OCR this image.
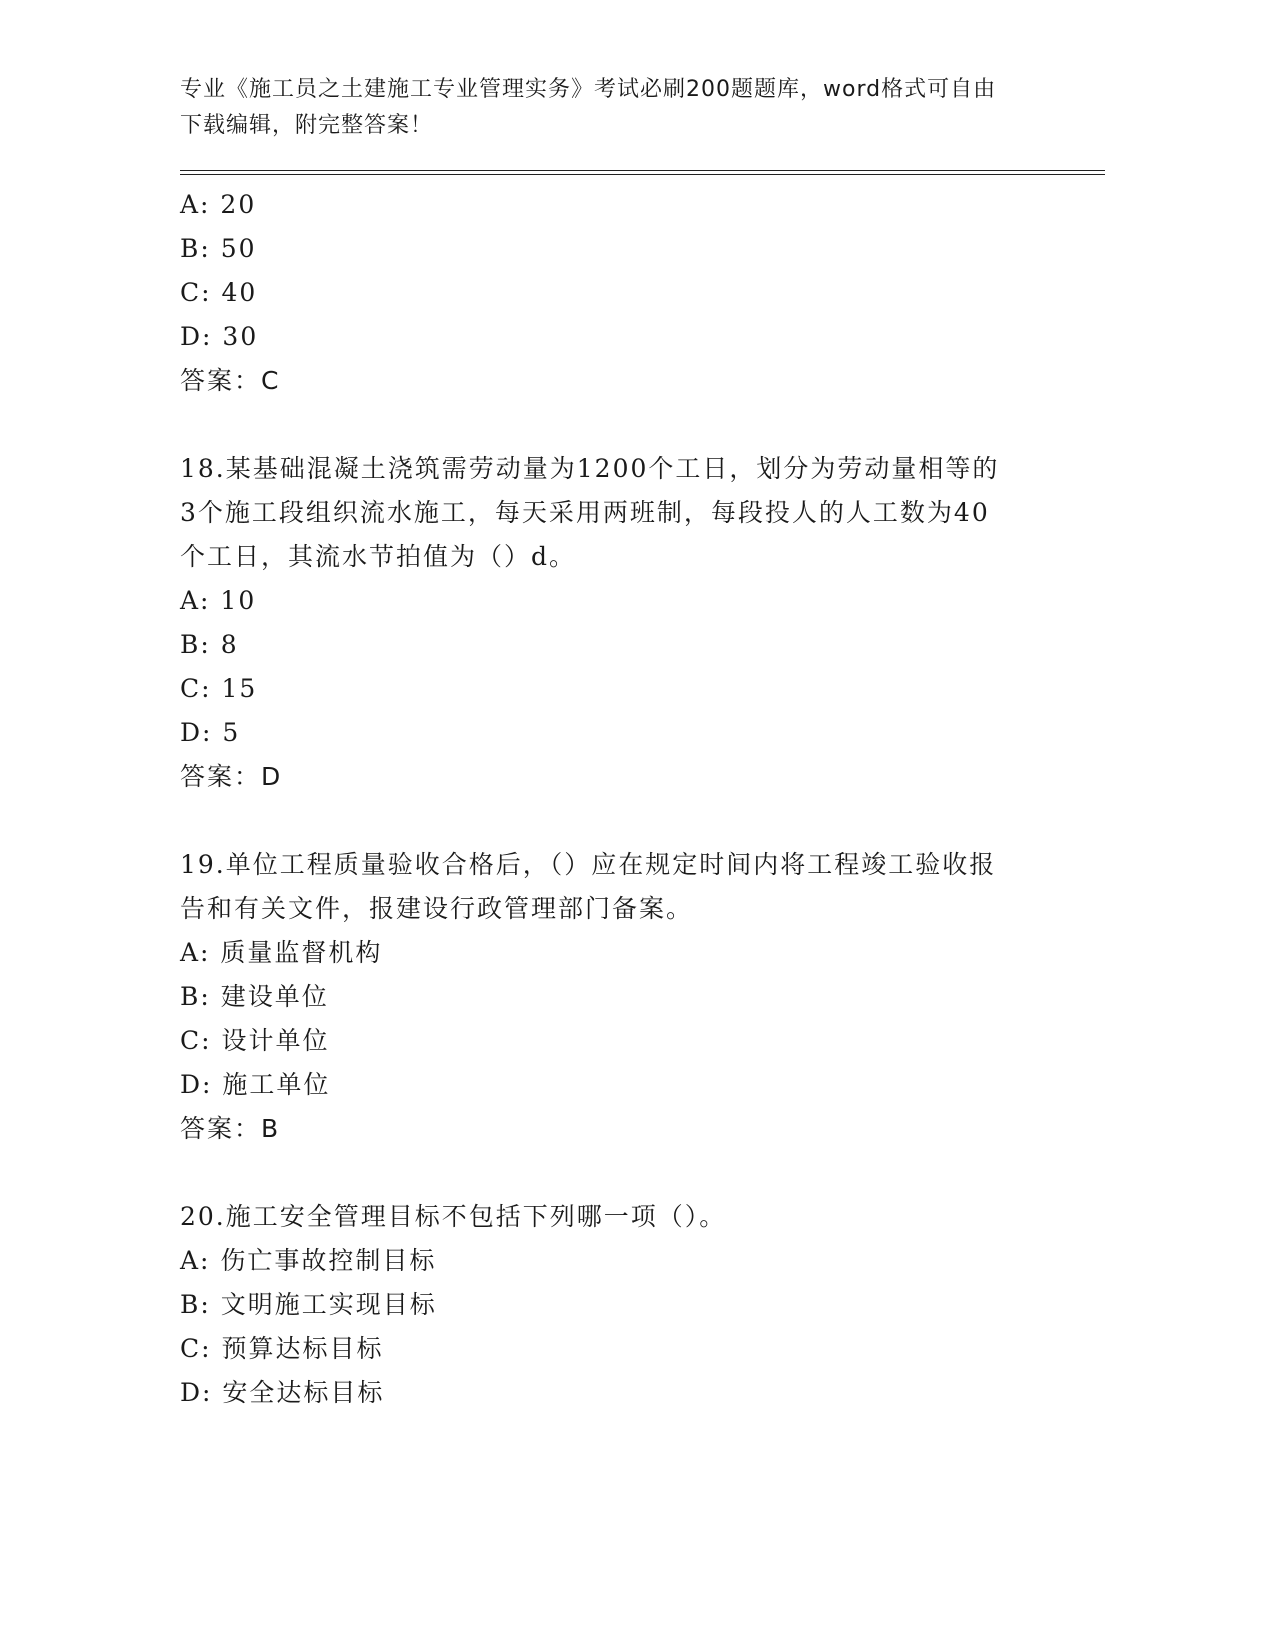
专业《施工员之土建施工专业管理实务》考试必刷200题题库，word格式可自由
下载编辑，附完整答案！
A: 20
B: 50
C: 40
D: 30
答案：C
18.某基础混凝土浇筑需劳动量为1200个工日，划分为劳动量相等的
3个施工段组织流水施工，每天采用两班制，每段投人的人工数为40
个工日，其流水节拍值为（）d。
A: 10
B: 8
C: 15
D: 5
答案：D
19.单位工程质量验收合格后，（）应在规定时间内将工程竣工验收报
告和有关文件，报建设行政管理部门备案。
A: 质量监督机构
B: 建设单位
C: 设计单位
D: 施工单位
答案：B
20.施工安全管理目标不包括下列哪一项（）。
A: 伤亡事故控制目标
B: 文明施工实现目标
C: 预算达标目标
D: 安全达标目标
